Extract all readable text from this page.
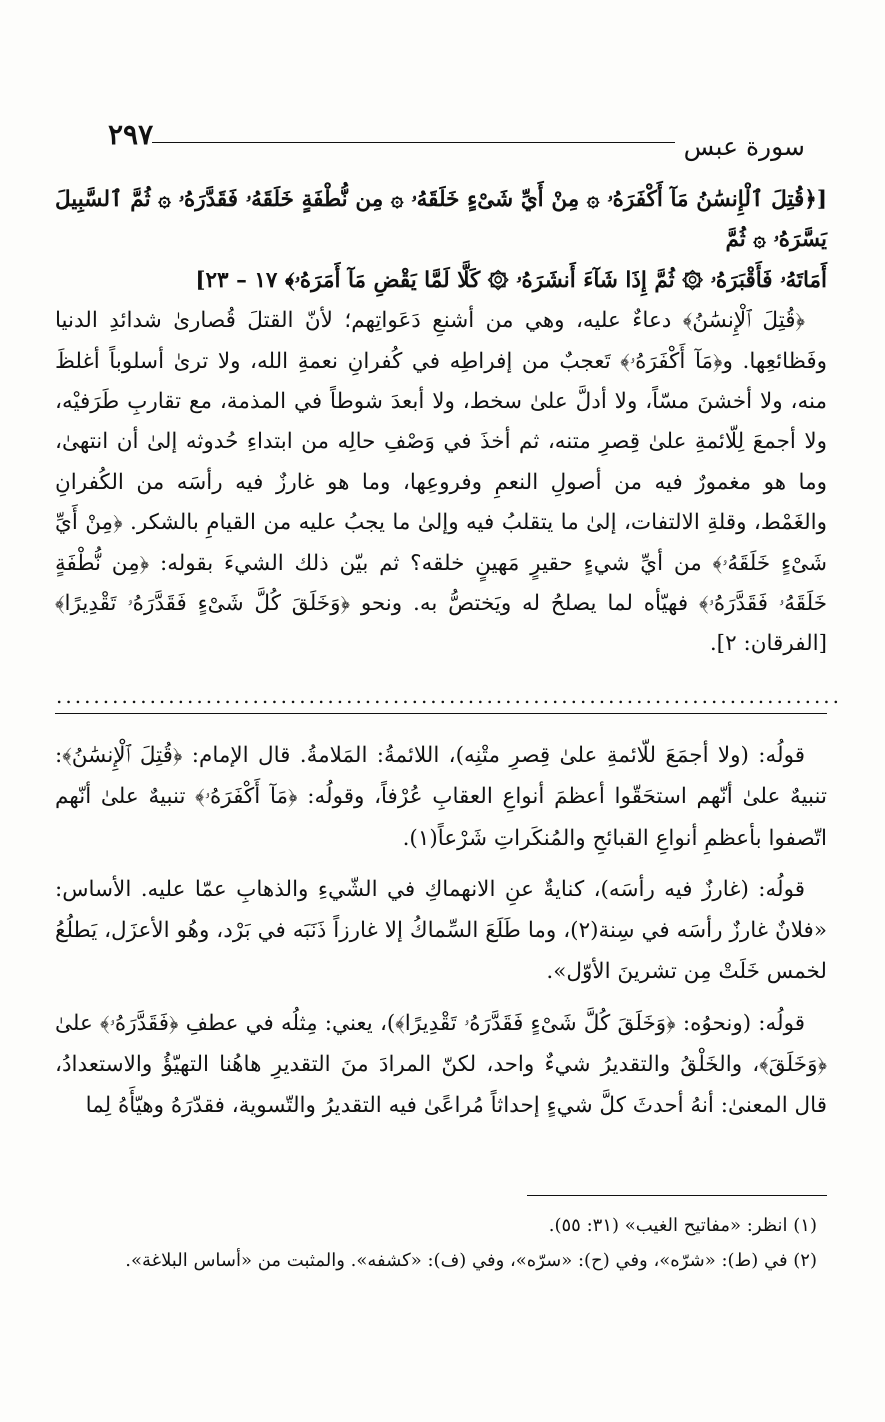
سورة عبس
٢٩٧

[﴿قُتِلَ ٱلْإِنسَٰنُ مَآ أَكْفَرَهُۥ ۞ مِنْ أَيِّ شَىْءٍ خَلَقَهُۥ ۞ مِن نُّطْفَةٍ خَلَقَهُۥ فَقَدَّرَهُۥ ۞ ثُمَّ ٱلسَّبِيلَ يَسَّرَهُۥ ۞ ثُمَّ

أَمَاتَهُۥ فَأَقْبَرَهُۥ ۞ ثُمَّ إِذَا شَآءَ أَنشَرَهُۥ ۞ كَلَّا لَمَّا يَقْضِ مَآ أَمَرَهُۥ﴾ ١٧ – ٢٣]

﴿قُتِلَ ٱلْإِنسَٰنُ﴾ دعاءٌ عليه، وهي من أشنعِ دَعَواتِهم؛ لأنّ القتلَ قُصارىٰ شدائدِ الدنيا وفَظائعِها. و﴿مَآ أَكْفَرَهُۥ﴾ تَعجبٌ من إفراطِه في كُفرانِ نعمةِ الله، ولا ترىٰ أسلوباً أغلظَ منه، ولا أخشنَ مسّاً، ولا أدلَّ علىٰ سخط، ولا أبعدَ شوطاً في المذمة، مع تقاربِ طَرَفيْه، ولا أجمعَ لِلّائمةِ علىٰ قِصرِ متنه، ثم أخذَ في وَصْفِ حالِه من ابتداءِ حُدوثه إلىٰ أن انتهىٰ، وما هو مغمورٌ فيه من أصولِ النعمِ وفروعِها، وما هو غارزٌ فيه رأسَه من الكُفرانِ والغَمْط، وقلةِ الالتفات، إلىٰ ما يتقلبُ فيه وإلىٰ ما يجبُ عليه من القيامِ بالشكر. ﴿مِنْ أَيِّ شَىْءٍ خَلَقَهُۥ﴾ من أيِّ شيءٍ حقيرٍ مَهينٍ خلقه؟ ثم بيّن ذلك الشيءَ بقوله: ﴿مِن نُّطْفَةٍ خَلَقَهُۥ فَقَدَّرَهُۥ﴾ فهيّأه لما يصلحُ له ويَختصُّ به. ونحو ﴿وَخَلَقَ كُلَّ شَىْءٍ فَقَدَّرَهُۥ تَقْدِيرًا﴾ [الفرقان: ٢].

....................................................................................

قولُه: (ولا أجمَعَ للّائمةِ علىٰ قِصرِ متْنِه)، اللائمةُ: المَلامةُ. قال الإمام: ﴿قُتِلَ ٱلْإِنسَٰنُ﴾: تنبيهٌ علىٰ أنّهم استحَقّوا أعظمَ أنواعِ العقابِ عُرْفاً، وقولُه: ﴿مَآ أَكْفَرَهُۥ﴾ تنبيهٌ علىٰ أنّهم اتّصفوا بأعظمِ أنواعِ القبائحِ والمُنكَراتِ شَرْعاً(١).

قولُه: (غارزٌ فيه رأسَه)، كنايةٌ عنِ الانهماكِ في الشّيءِ والذهابِ عمّا عليه. الأساس: «فلانٌ غارزٌ رأسَه في سِنة(٢)، وما طَلَعَ السِّماكُ إلا غارزاً ذَنَبَه في بَرْد، وهُو الأعزَل، يَطلُعُ لخمس خَلَتْ مِن تشرينَ الأوّل».

قولُه: (ونحوُه: ﴿وَخَلَقَ كُلَّ شَىْءٍ فَقَدَّرَهُۥ تَقْدِيرًا﴾)، يعني: مِثلُه في عطفِ ﴿فَقَدَّرَهُۥ﴾ علىٰ ﴿وَخَلَقَ﴾، والخَلْقُ والتقديرُ شيءٌ واحد، لكنّ المرادَ منَ التقديرِ هاهُنا التهيّؤُ والاستعدادُ، قال المعنىٰ: أنهُ أحدثَ كلَّ شيءٍ إحداثاً مُراعًىٰ فيه التقديرُ والتّسوية، فقدّرَهُ وهيّأَهُ لِما

(١) انظر: «مفاتيح الغيب» (٣١: ٥٥).

(٢) في (ط): «شرّه»، وفي (ح): «سرّه»، وفي (ف): «كشفه». والمثبت من «أساس البلاغة».
